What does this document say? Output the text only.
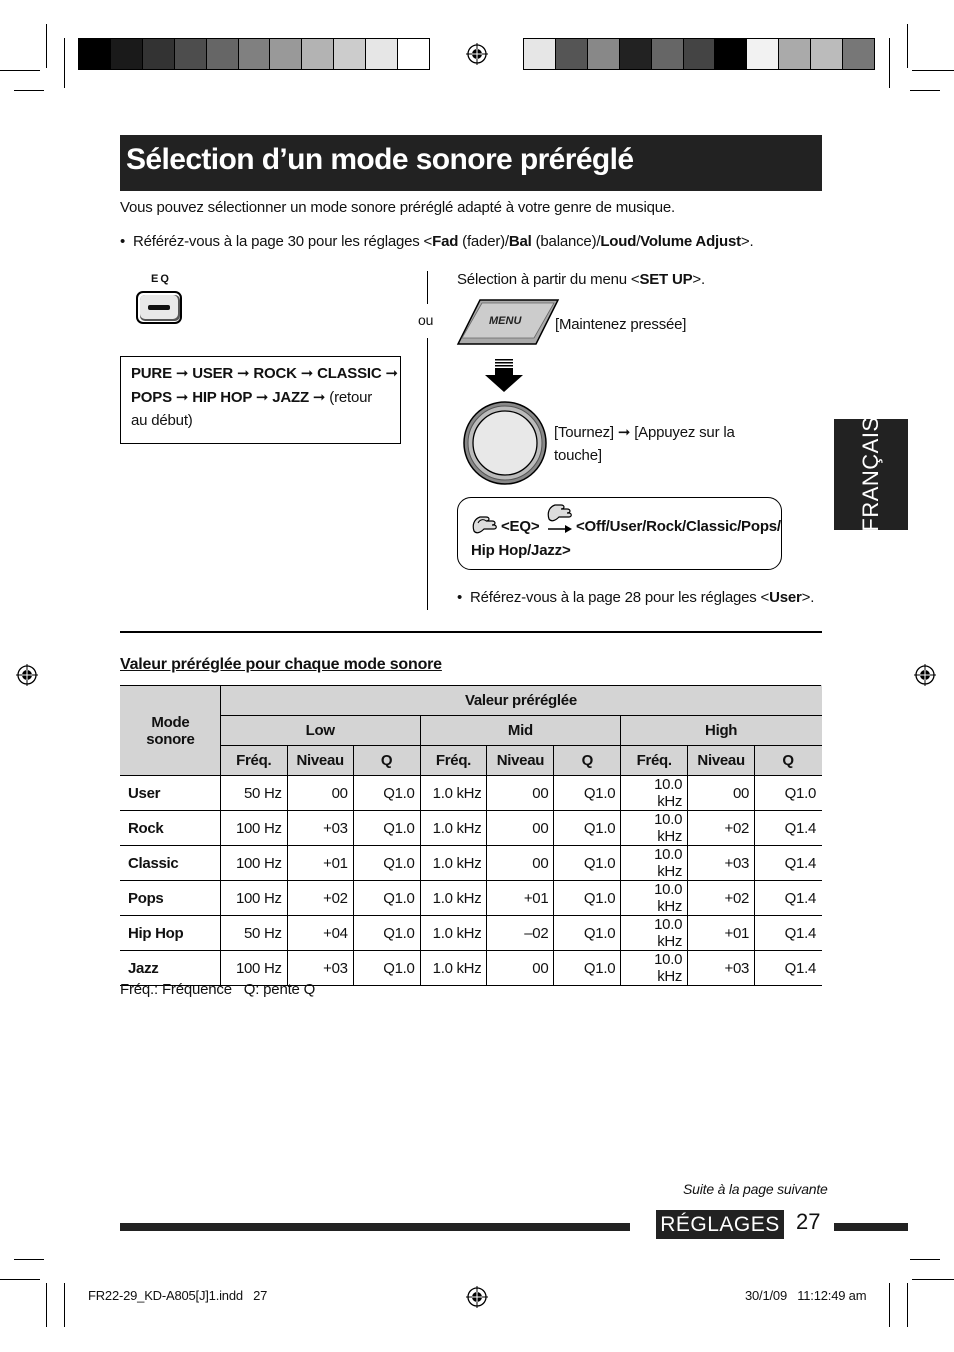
Sélection d’un mode sonore préréglé
Vous pouvez sélectionner un mode sonore préréglé adapté à votre genre de musique.
•  Référéz-vous à la page 30 pour les réglages <Fad (fader)/Bal (balance)/Loud/Volume Adjust>.
EQ
PURE ➞ USER ➞ ROCK ➞ CLASSIC ➞
POPS ➞ HIP HOP ➞ JAZZ ➞ (retour
au début)
ou
Sélection à partir du menu <SET UP>.
MENU [Maintenez pressée]
[Tournez] ➞ [Appuyez sur la
touche]
<EQ> <Off/User/Rock/Classic/Pops/
Hip Hop/Jazz>
•  Référez-vous à la page 28 pour les réglages <User>.
Valeur préréglée pour chaque mode sonore
Mode
sonore	Valeur préréglée								
	Low			Mid			High		
	Fréq.	Niveau	Q	Fréq.	Niveau	Q	Fréq.	Niveau	Q
User	50 Hz	00	Q1.0	1.0 kHz	00	Q1.0	10.0 kHz	00	Q1.0
Rock	100 Hz	+03	Q1.0	1.0 kHz	00	Q1.0	10.0 kHz	+02	Q1.4
Classic	100 Hz	+01	Q1.0	1.0 kHz	00	Q1.0	10.0 kHz	+03	Q1.4
Pops	100 Hz	+02	Q1.0	1.0 kHz	+01	Q1.0	10.0 kHz	+02	Q1.4
Hip Hop	50 Hz	+04	Q1.0	1.0 kHz	–02	Q1.0	10.0 kHz	+01	Q1.4
Jazz	100 Hz	+03	Q1.0	1.0 kHz	00	Q1.0	10.0 kHz	+03	Q1.4
Fréq.: Fréquence   Q: pente Q
FRANÇAIS
Suite à la page suivante
RÉGLAGES 27
FR22-29_KD-A805[J]1.indd   27	30/1/09   11:12:49 am
